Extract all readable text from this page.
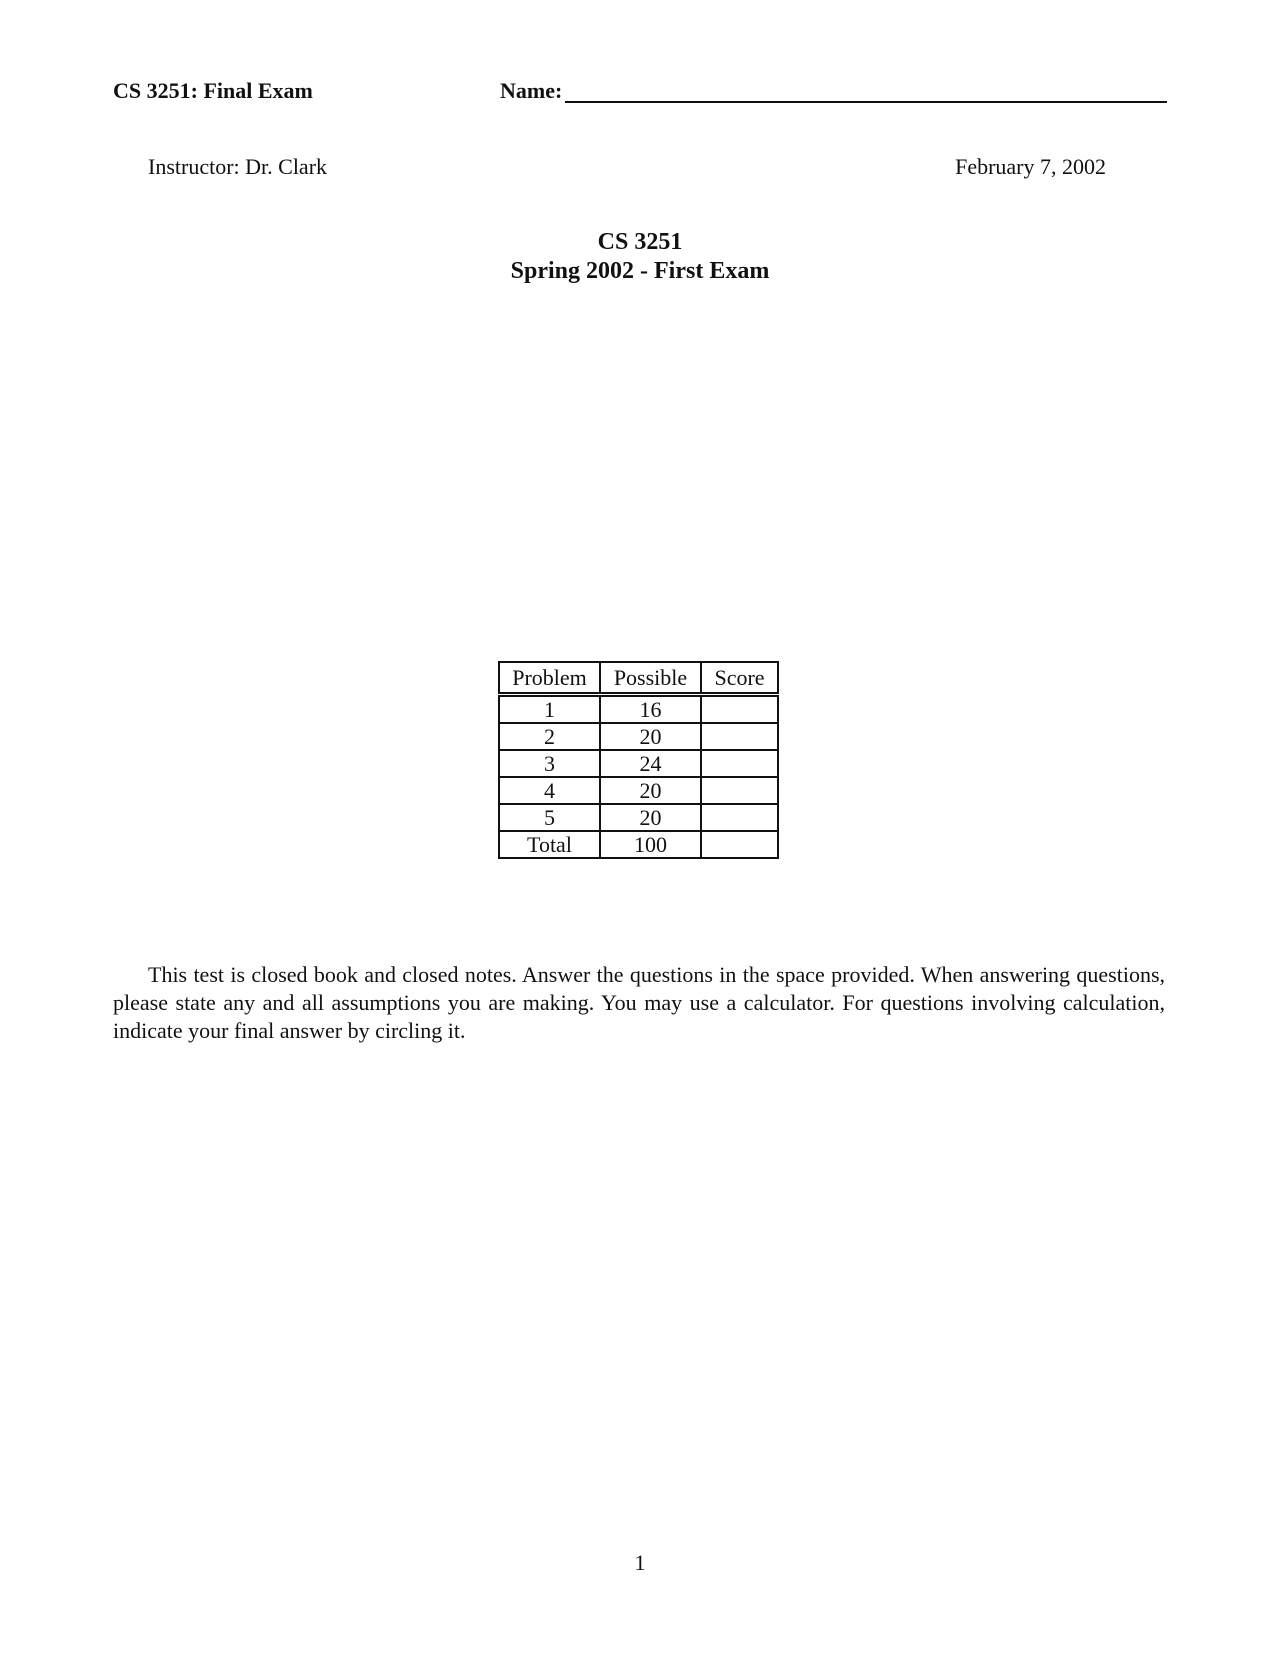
CS 3251: Final Exam	Name:
Instructor: Dr. Clark	February 7, 2002
CS 3251
Spring 2002 - First Exam
Problem	Possible	Score
1	16	
2	20	
3	24	
4	20	
5	20	
Total	100	

This test is closed book and closed notes. Answer the questions in the space provided. When answering questions, please state any and all assumptions you are making. You may use a calculator. For questions involving calculation, indicate your final answer by circling it.

1
